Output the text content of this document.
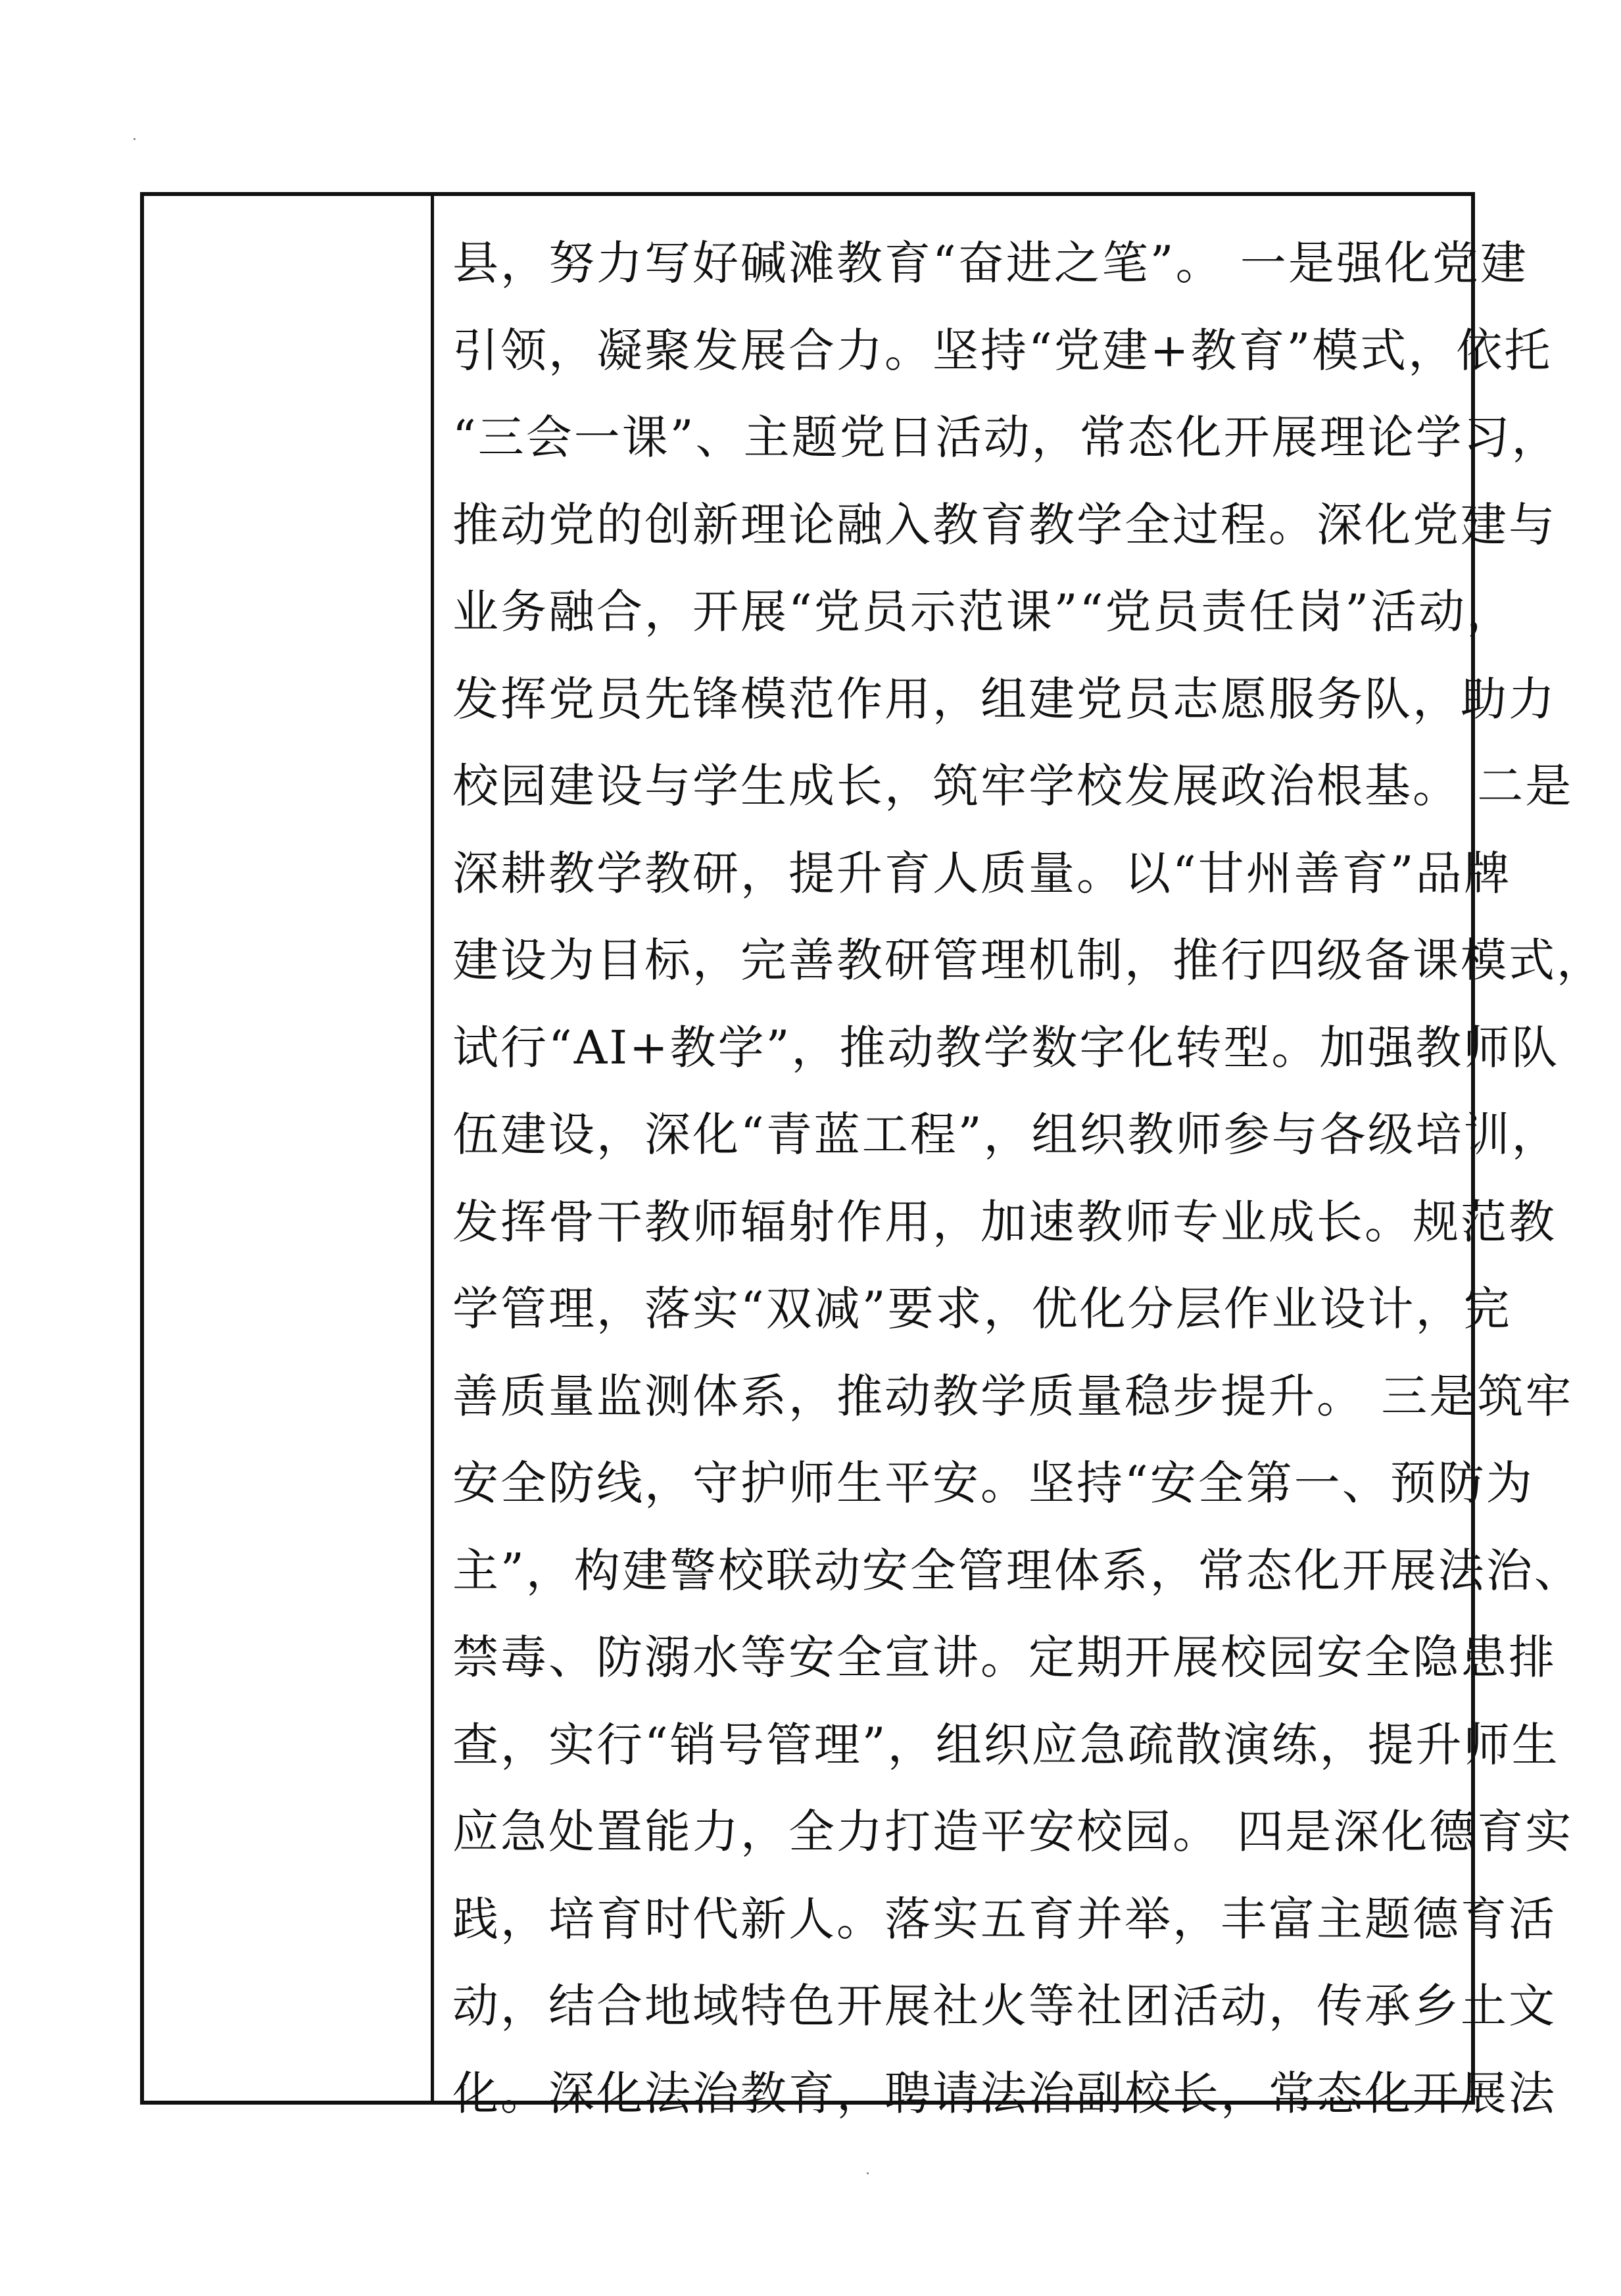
县，努力写好碱滩教育“奋进之笔”。 一是强化党建
引领，凝聚发展合力。坚持“党建+教育”模式，依托
“三会一课”、主题党日活动，常态化开展理论学习，
推动党的创新理论融入教育教学全过程。深化党建与
业务融合，开展“党员示范课”“党员责任岗”活动，
发挥党员先锋模范作用，组建党员志愿服务队，助力
校园建设与学生成长，筑牢学校发展政治根基。 二是
深耕教学教研，提升育人质量。以“甘州善育”品牌
建设为目标，完善教研管理机制，推行四级备课模式，
试行“AI+教学”，推动教学数字化转型。加强教师队
伍建设，深化“青蓝工程”，组织教师参与各级培训，
发挥骨干教师辐射作用，加速教师专业成长。规范教
学管理，落实“双减”要求，优化分层作业设计，完
善质量监测体系，推动教学质量稳步提升。 三是筑牢
安全防线，守护师生平安。坚持“安全第一、预防为
主”，构建警校联动安全管理体系，常态化开展法治、
禁毒、防溺水等安全宣讲。定期开展校园安全隐患排
查，实行“销号管理”，组织应急疏散演练，提升师生
应急处置能力，全力打造平安校园。 四是深化德育实
践，培育时代新人。落实五育并举，丰富主题德育活
动，结合地域特色开展社火等社团活动，传承乡土文
化。深化法治教育，聘请法治副校长，常态化开展法
